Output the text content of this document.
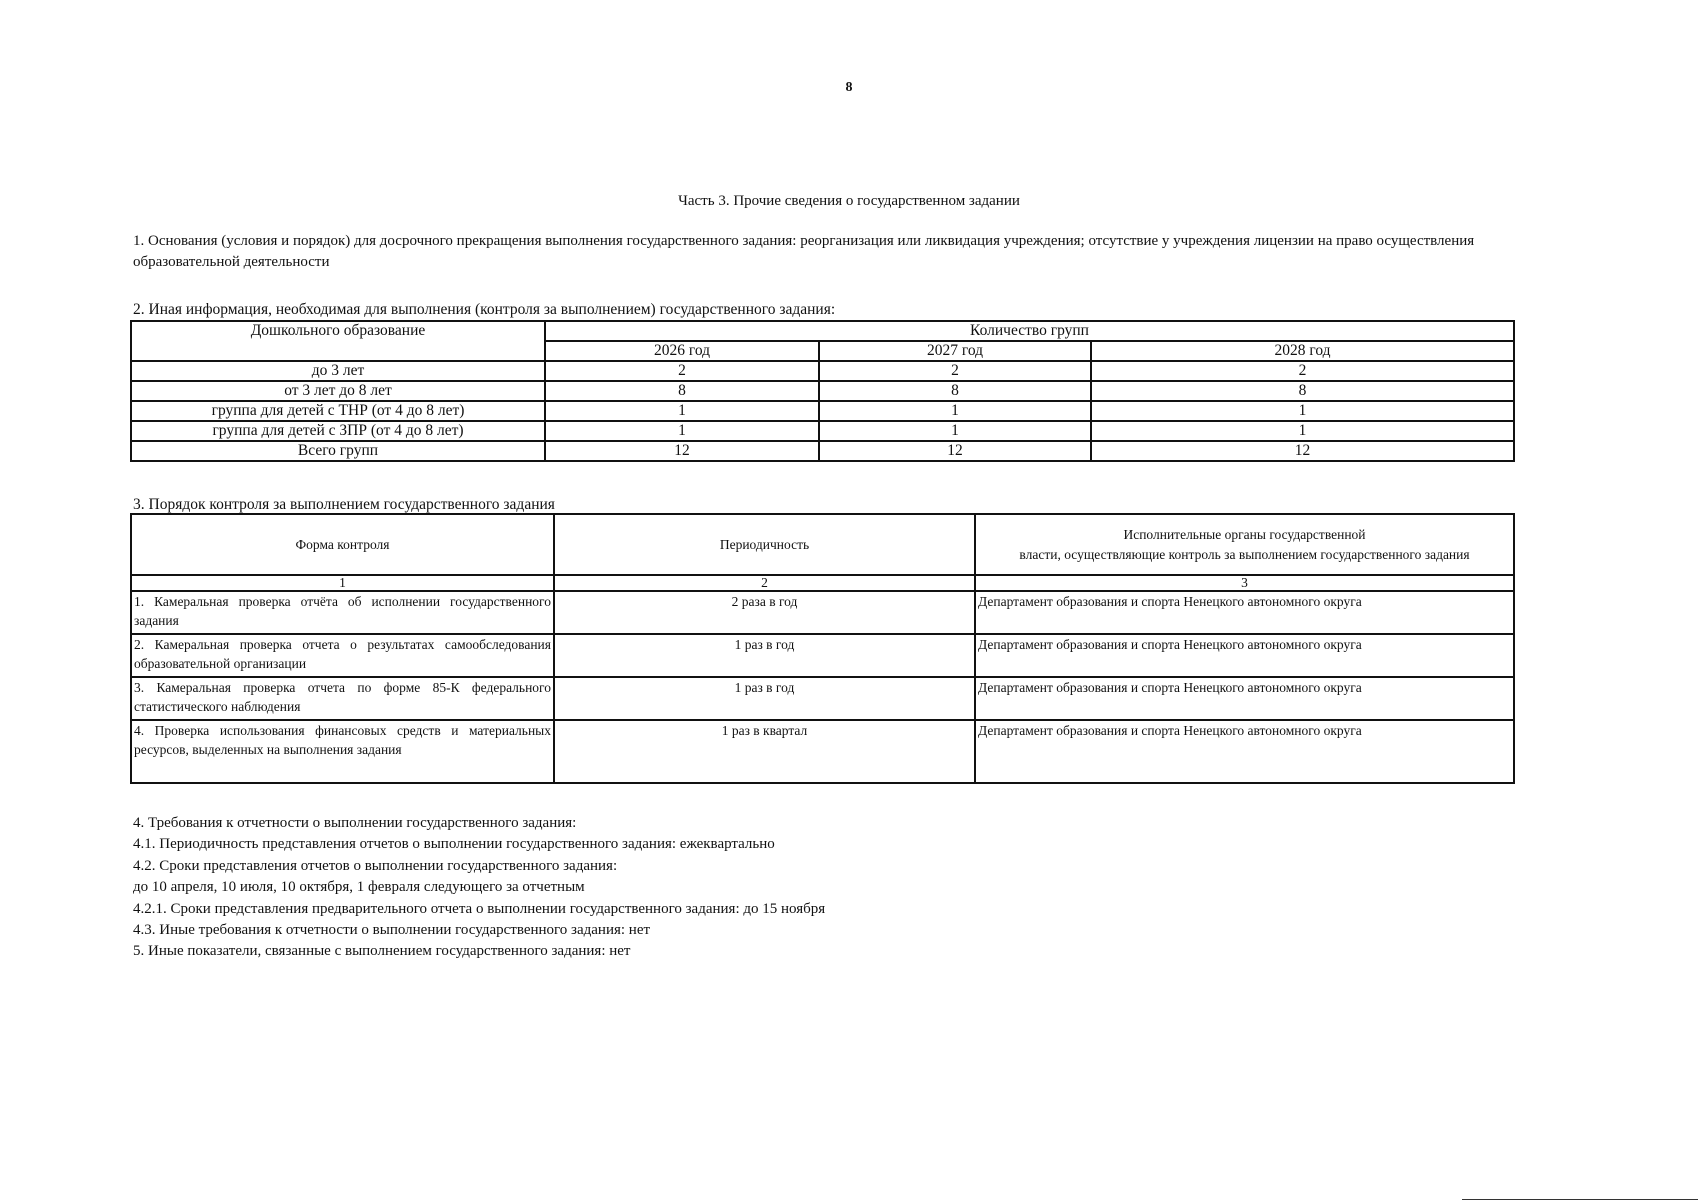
8
Часть 3. Прочие сведения о государственном задании
1. Основания (условия и порядок) для досрочного прекращения выполнения государственного задания: реорганизация или ликвидация учреждения; отсутствие у учреждения лицензии на право осуществления образовательной деятельности
2. Иная информация, необходимая для выполнения (контроля за выполнением) государственного задания:
Дошкольного образование	Количество групп		
	2026 год	2027 год	2028 год
до 3 лет	2	2	2
от 3 лет до 8 лет	8	8	8
группа для детей с ТНР (от 4 до 8 лет)	1	1	1
группа для детей с ЗПР (от 4 до 8 лет)	1	1	1
Всего групп	12	12	12
3. Порядок контроля за выполнением государственного задания
Форма контроля	Периодичность	Исполнительные органы государственной
власти, осуществляющие контроль за выполнением государственного задания

1	2	3
1. Камеральная проверка отчёта об исполнении государственного задания	2 раза в год	Департамент образования и спорта Ненецкого автономного округа
2. Камеральная проверка отчета о результатах самообследования образовательной организации	1 раз в год	Департамент образования и спорта Ненецкого автономного округа
3. Камеральная проверка отчета по форме 85-К федерального статистического наблюдения	1 раз в год	Департамент образования и спорта Ненецкого автономного округа
4. Проверка использования финансовых средств и материальных ресурсов, выделенных на выполнения задания	1 раз в квартал	Департамент образования и спорта Ненецкого автономного округа
4. Требования к отчетности о выполнении государственного задания:
4.1. Периодичность представления отчетов о выполнении государственного задания: ежеквартально
4.2. Сроки представления отчетов о выполнении государственного задания:
до 10 апреля, 10 июля, 10 октября, 1 февраля следующего за отчетным
4.2.1. Сроки представления предварительного отчета о выполнении государственного задания: до 15 ноября
4.3. Иные требования к отчетности о выполнении государственного задания: нет
5. Иные показатели, связанные с выполнением государственного задания: нет
